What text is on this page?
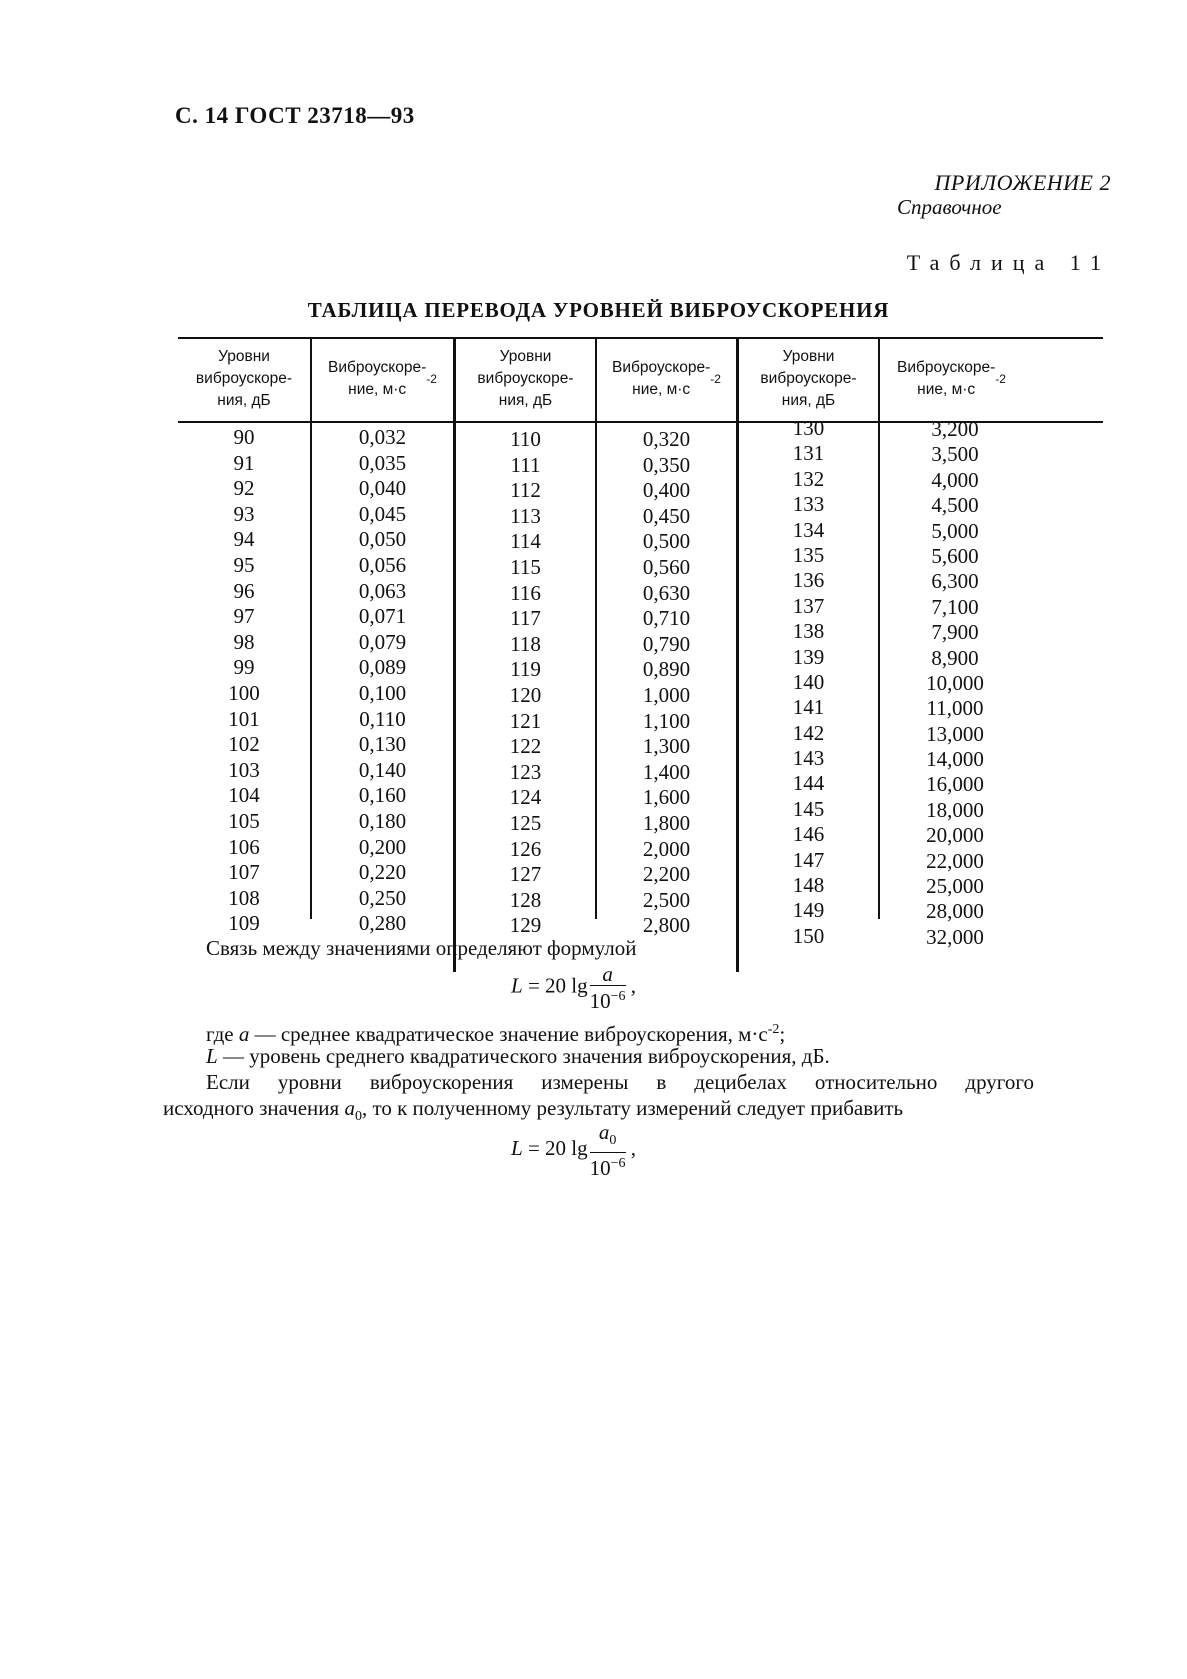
С. 14 ГОСТ 23718—93
ПРИЛОЖЕНИЕ 2
Справочное
Таблица 11
ТАБЛИЦА ПЕРЕВОДА УРОВНЕЙ ВИБРОУСКОРЕНИЯ
Уровни
виброускоре-
ния, дБ
Виброускоре-
ние, м·с
-2
Уровни
виброускоре-
ния, дБ
Виброускоре-
ние, м·с
-2
Уровни
виброускоре-
ния, дБ
Виброускоре-
ние, м·с
-2
90
91
92
93
94
95
96
97
98
99
100
101
102
103
104
105
106
107
108
109
0,032
0,035
0,040
0,045
0,050
0,056
0,063
0,071
0,079
0,089
0,100
0,110
0,130
0,140
0,160
0,180
0,200
0,220
0,250
0,280
110
111
112
113
114
115
116
117
118
119
120
121
122
123
124
125
126
127
128
129
0,320
0,350
0,400
0,450
0,500
0,560
0,630
0,710
0,790
0,890
1,000
1,100
1,300
1,400
1,600
1,800
2,000
2,200
2,500
2,800
130
131
132
133
134
135
136
137
138
139
140
141
142
143
144
145
146
147
148
149
150
3,200
3,500
4,000
4,500
5,000
5,600
6,300
7,100
7,900
8,900
10,000
11,000
13,000
14,000
16,000
18,000
20,000
22,000
25,000
28,000
32,000
Связь между значениями определяют формулой
L = 20 $\lg \frac{a}{10^{-6}}$ ,
где a — среднее квадратическое значение виброускорения, $м\cdot с^{-2}$;
L — уровень среднего квадратического значения виброускорения, дБ.
Если уровни виброускорения измерены в децибелах относительно другого
исходного значения $a_0$, то к полученному результату измерений следует прибавить
L = 20 $\lg \frac{a_0}{10^{-6}}$ ,
